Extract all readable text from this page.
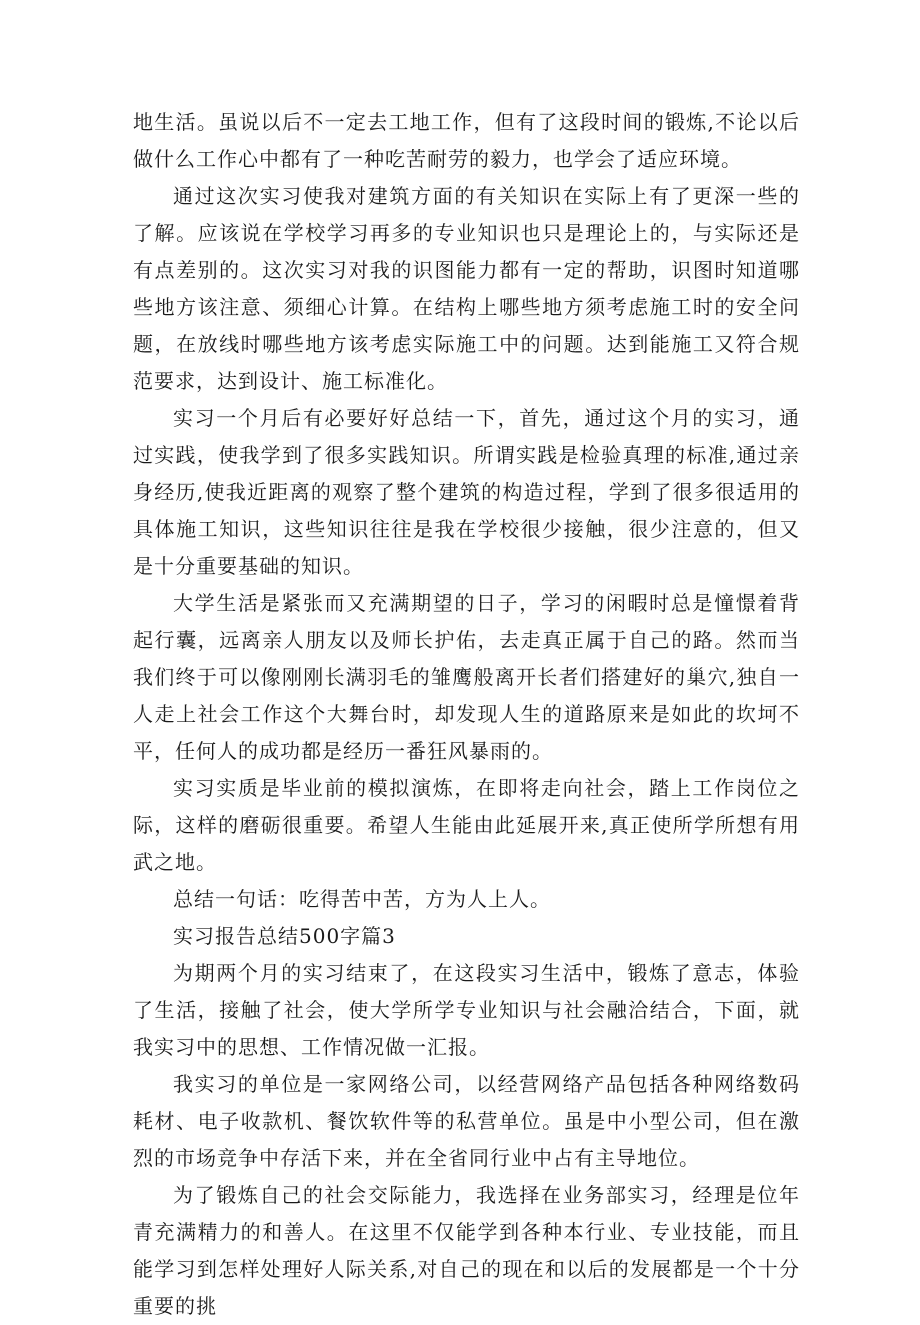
地生活。虽说以后不一定去工地工作，但有了这段时间的锻炼,不论以后做什么工作心中都有了一种吃苦耐劳的毅力，也学会了适应环境。

通过这次实习使我对建筑方面的有关知识在实际上有了更深一些的了解。应该说在学校学习再多的专业知识也只是理论上的，与实际还是有点差别的。这次实习对我的识图能力都有一定的帮助，识图时知道哪些地方该注意、须细心计算。在结构上哪些地方须考虑施工时的安全问题，在放线时哪些地方该考虑实际施工中的问题。达到能施工又符合规范要求，达到设计、施工标准化。

实习一个月后有必要好好总结一下，首先，通过这个月的实习，通过实践，使我学到了很多实践知识。所谓实践是检验真理的标准,通过亲身经历,使我近距离的观察了整个建筑的构造过程，学到了很多很适用的具体施工知识，这些知识往往是我在学校很少接触，很少注意的，但又是十分重要基础的知识。

大学生活是紧张而又充满期望的日子，学习的闲暇时总是憧憬着背起行囊，远离亲人朋友以及师长护佑，去走真正属于自己的路。然而当我们终于可以像刚刚长满羽毛的雏鹰般离开长者们搭建好的巢穴,独自一人走上社会工作这个大舞台时，却发现人生的道路原来是如此的坎坷不平，任何人的成功都是经历一番狂风暴雨的。

实习实质是毕业前的模拟演炼，在即将走向社会，踏上工作岗位之际，这样的磨砺很重要。希望人生能由此延展开来,真正使所学所想有用武之地。

总结一句话：吃得苦中苦，方为人上人。

实习报告总结500字篇3

为期两个月的实习结束了，在这段实习生活中，锻炼了意志，体验了生活，接触了社会，使大学所学专业知识与社会融洽结合，下面，就我实习中的思想、工作情况做一汇报。

我实习的单位是一家网络公司，以经营网络产品包括各种网络数码耗材、电子收款机、餐饮软件等的私营单位。虽是中小型公司，但在激烈的市场竞争中存活下来，并在全省同行业中占有主导地位。

为了锻炼自己的社会交际能力，我选择在业务部实习，经理是位年青充满精力的和善人。在这里不仅能学到各种本行业、专业技能，而且能学习到怎样处理好人际关系,对自己的现在和以后的发展都是一个十分重要的挑
